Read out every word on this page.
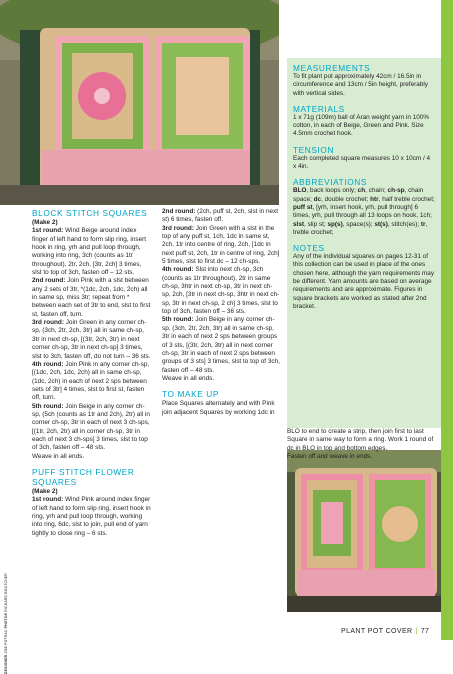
MEASUREMENTS

To fit plant pot approximately 42cm / 16.5in in circumference and 13cm / 5in height, preferably with vertical sides.

MATERIALS

1 x 71g (109m) ball of Aran weight yarn in 100% cotton, in each of Beige, Green and Pink. Size 4.5mm crochet hook.

TENSION

Each completed square measures 10 x 10cm / 4 x 4in.

ABBREVIATIONS

BLO, back loops only; ch, chain; ch-sp, chain space; dc, double crochet; htr, half treble crochet; puff st, [yrh, insert hook, yrh, pull through] 6 times, yrh, pull through all 13 loops on hook, 1ch; slst, slip st; sp(s), space(s); st(s), stitch(es); tr, treble crochet;

NOTES

Any of the individual squares on pages 12-31 of this collection can be used in place of the ones chosen here, although the yarn requirements may be different. Yarn amounts are based on average requirements and are approximate. Figures in square brackets are worked as stated after 2nd bracket.

BLOCK STITCH SQUARES

(Make 2)

1st round: Wind Beige around index finger of left hand to form slip ring, insert hook in ring, yrh and pull loop through, working into ring, 3ch (counts as 1tr throughout), 2tr, 2ch, [3tr, 2ch] 3 times, slst to top of 3ch, fasten off – 12 sts.

2nd round: Join Pink with a slst between any 2 sets of 3tr, *(1dc, 2ch, 1dc, 2ch) all in same sp, miss 3tr; repeat from * between each set of 3tr to end, slst to first st, fasten off, turn.

3rd round: Join Green in any corner ch-sp, (3ch, 2tr, 2ch, 3tr) all in same ch-sp, 3tr in next ch-sp, [(3tr, 2ch, 3tr) in next corner ch-sp, 3tr in next ch-sp] 3 times, slst to 3ch, fasten off, do not turn – 36 sts.

4th round: Join Pink in any corner ch-sp, [(1dc, 2ch, 1dc, 2ch) all in same ch-sp, (1dc, 2ch) in each of next 2 sps between sets of 3tr] 4 times, slst to first st, fasten off, turn.

5th round: Join Beige in any corner ch-sp, (5ch (counts as 1tr and 2ch), 2tr) all in corner ch-sp, 3tr in each of next 3 ch-sps, [(1tr, 2ch, 2tr) all in corner ch-sp, 3tr in each of next 3 ch-sps] 3 times, slst to top of 3ch, fasten off – 48 sts.

Weave in all ends.

PUFF STITCH FLOWER SQUARES

(Make 2)

1st round: Wind Pink around index finger of left hand to form slip ring, insert hook in ring, yrh and pull loop through, working into ring, 6dc, slst to join, pull end of yarn tightly to close ring – 6 sts.

2nd round: (2ch, puff st, 2ch, slst in next st) 6 times, fasten off.

3rd round: Join Green with a slst in the top of any puff st, 1ch, 1dc in same st, 2ch, 1tr into centre of ring, 2ch, [1dc in next puff st, 2ch, 1tr in centre of ring, 2ch] 5 times, slst to first dc – 12 ch-sps.

4th round: Slst into next ch-sp, 3ch (counts as 1tr throughout), 2tr in same ch-sp, 3htr in next ch-sp, 3tr in next ch-sp, 2ch, [3tr in next ch-sp, 3htr in next ch-sp, 3tr in next ch-sp, 2 ch] 3 times, slst to top of 3ch, fasten off – 36 sts.

5th round: Join Beige in any corner ch-sp, (3ch, 2tr, 2ch, 3tr) all in same ch-sp, 3tr in each of next 2 sps between groups of 3 sts, [(3tr, 2ch, 3tr) all in next corner ch-sp, 3tr in each of next 2 sps between groups of 3 sts] 3 times, slst to top of 3ch, fasten off – 48 sts.

Weave in all ends.

TO MAKE UP

Place Squares alternately and with Pink join adjacent Squares by working 1dc in

BLO to end to create a strip, then join first to last Square in same way to form a ring. Work 1 round of dc in BLO in top and bottom edges.

Fasten off and weave in ends.

DESIGNER ZOE POTRAC PHOTOS RICHARD BOUTCHER
PLANT POT COVER | 77
